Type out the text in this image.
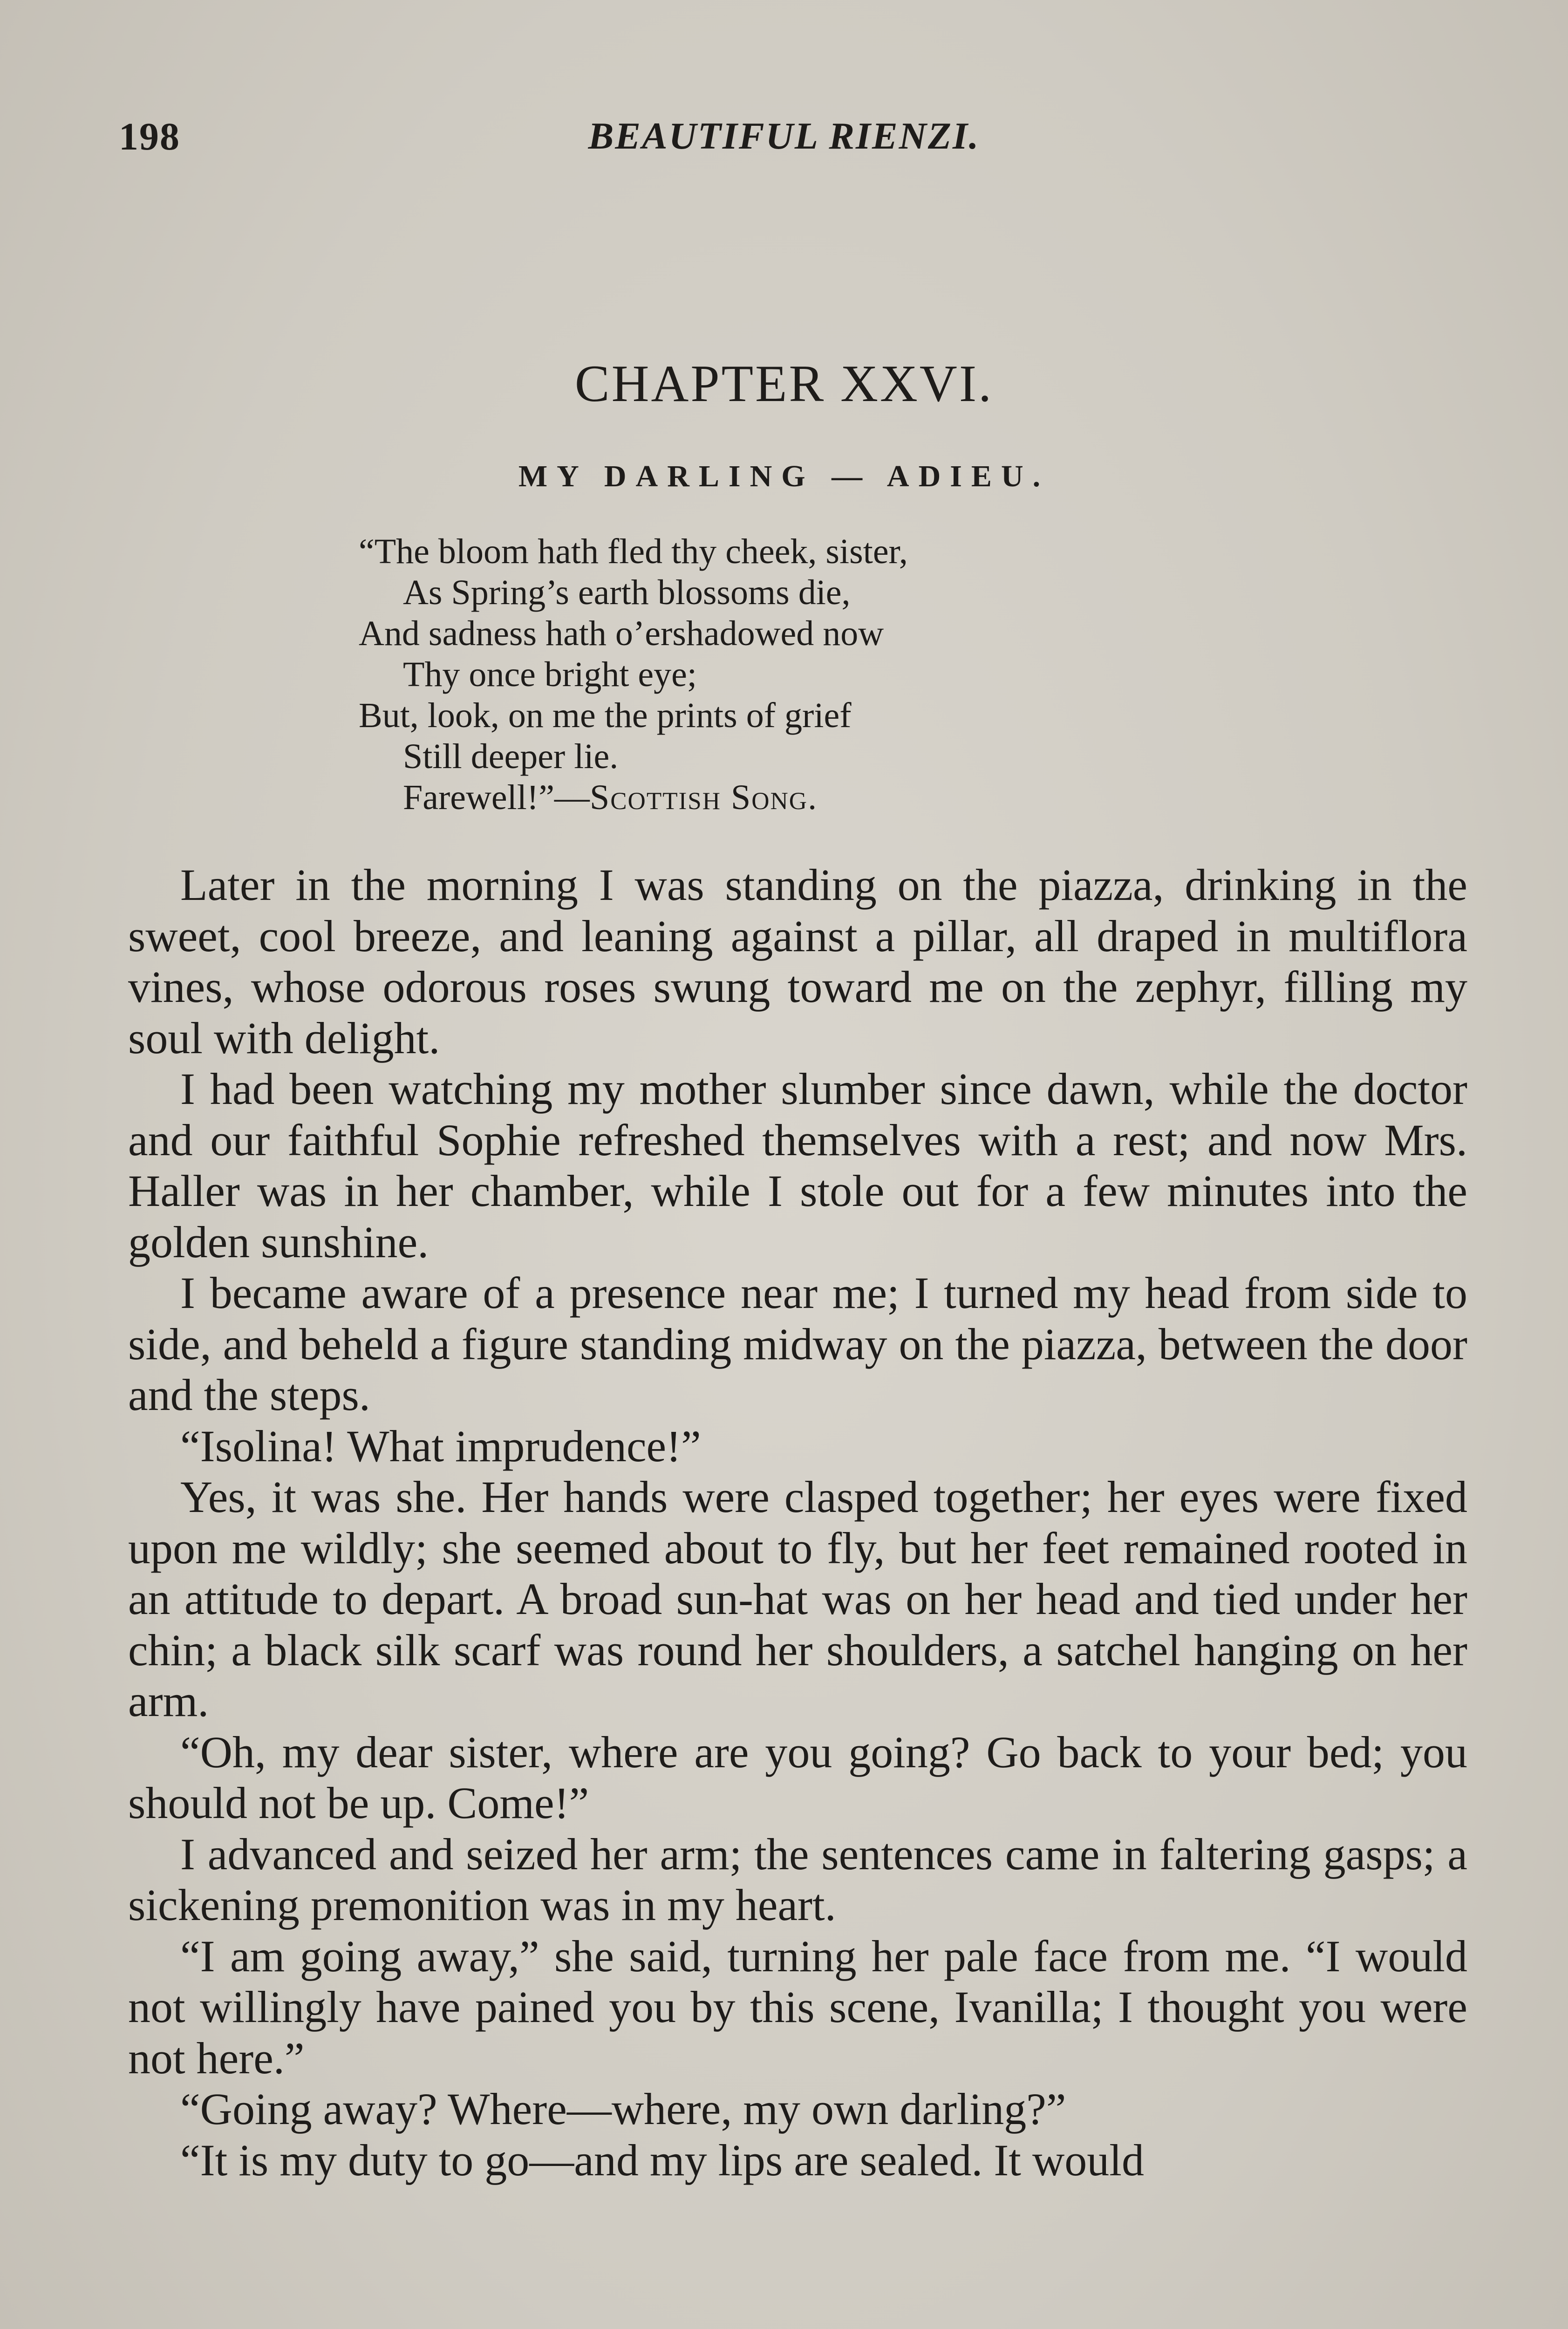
198	BEAUTIFUL RIENZI.
CHAPTER XXVI.
MY DARLING — ADIEU.
“The bloom hath fled thy cheek, sister,
As Spring’s earth blossoms die,
And sadness hath o’ershadowed now
Thy once bright eye;
But, look, on me the prints of grief
Still deeper lie.
Farewell!”—Scottish Song.

Later in the morning I was standing on the piazza, drinking in the sweet, cool breeze, and leaning against a pillar, all draped in multiflora vines, whose odorous roses swung toward me on the zephyr, filling my soul with delight.

I had been watching my mother slumber since dawn, while the doctor and our faithful Sophie refreshed themselves with a rest; and now Mrs. Haller was in her chamber, while I stole out for a few minutes into the golden sunshine.

I became aware of a presence near me; I turned my head from side to side, and beheld a figure standing midway on the piazza, between the door and the steps.

“Isolina! What imprudence!”

Yes, it was she. Her hands were clasped together; her eyes were fixed upon me wildly; she seemed about to fly, but her feet remained rooted in an attitude to depart. A broad sun-hat was on her head and tied under her chin; a black silk scarf was round her shoulders, a satchel hanging on her arm.

“Oh, my dear sister, where are you going? Go back to your bed; you should not be up. Come!”

I advanced and seized her arm; the sentences came in faltering gasps; a sickening premonition was in my heart.

“I am going away,” she said, turning her pale face from me. “I would not willingly have pained you by this scene, Ivanilla; I thought you were not here.”

“Going away? Where—where, my own darling?”

“It is my duty to go—and my lips are sealed. It would
